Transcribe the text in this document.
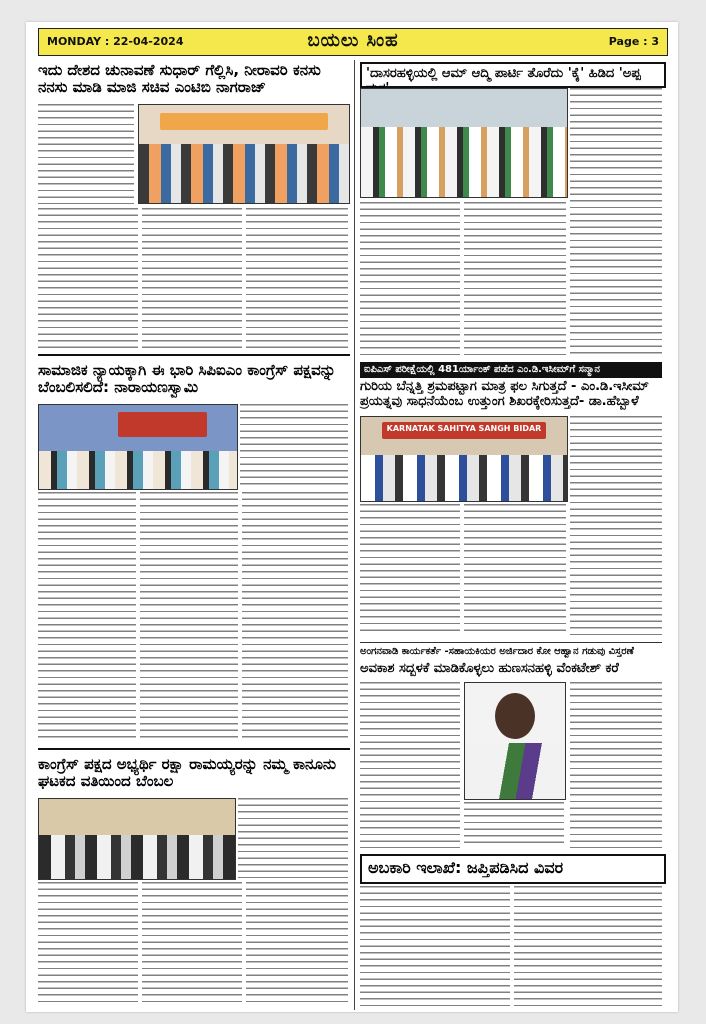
MONDAY : 22-04-2024	ಬಯಲು ಸಿಂಹ	Page : 3
ಇದು ದೇಶದ ಚುನಾವಣೆ ಸುಧಾರ್ ಗೆಲ್ಲಿಸಿ, ನೀರಾವರಿ ಕನಸು ನನಸು ಮಾಡಿ ಮಾಜಿ ಸಚಿವ ಎಂಟಿಬಿ ನಾಗರಾಜ್
ಸಾಮಾಜಿಕ ನ್ಯಾಯಕ್ಕಾಗಿ ಈ ಭಾರಿ ಸಿಪಿಐಎಂ ಕಾಂಗ್ರೆಸ್ ಪಕ್ಷವನ್ನು ಬೆಂಬಲಿಸಲಿದೆ: ನಾರಾಯಣಸ್ವಾಮಿ
ಕಾಂಗ್ರೆಸ್ ಪಕ್ಷದ ಅಭ್ಯರ್ಥಿ ರಕ್ಷಾ ರಾಮಯ್ಯರನ್ನು ನಮ್ಮ ಕಾನೂನು ಘಟಕದ ವತಿಯಿಂದ ಬೆಂಬಲ
'ದಾಸರಹಳ್ಳಿಯಲ್ಲಿ ಆಮ್ ಆದ್ಮಿ ಪಾರ್ಟಿ ತೊರೆದು 'ಕೈ' ಹಿಡಿದ 'ಅಪ್ಪ
ಐಪಿಎಸ್ ಪರೀಕ್ಷೆಯಲ್ಲಿ 481ರ್ಯಾಂಕ್ ಪಡೆದ ಎಂ.ಡಿ.ಇಸೀಮ್‌ಗೆ ಸನ್ಮಾನ
ಗುರಿಯ ಬೆನ್ನತ್ತಿ ಶ್ರಮಪಟ್ಟಾಗ ಮಾತ್ರ ಫಲ ಸಿಗುತ್ತದೆ - ಎಂ.ಡಿ.ಇಸೀಮ್ ಪ್ರಯತ್ನವು ಸಾಧನೆಯೆಂಬ ಉತ್ತುಂಗ ಶಿಖರಕ್ಕೇರಿಸುತ್ತದೆ- ಡಾ.ಹೆಬ್ಬಾಳೆ
KARNATAK SAHITYA SANGH BIDAR
ಅಂಗನವಾಡಿ ಕಾರ್ಯಕರ್ತೆ -ಸಹಾಯಕಿಯರ ಅರ್ಜಿದಾರ ಕೋ ಆಹ್ವಾನ ಗಡುವು ವಿಸ್ತರಣೆ
ಅವಕಾಶ ಸದ್ಬಳಕೆ ಮಾಡಿಕೊಳ್ಳಲು ಹುಣಸನಹಳ್ಳಿ ವೆಂಕಟೇಶ್ ಕರೆ
ಅಬಕಾರಿ ಇಲಾಖೆ: ಜಪ್ತಿಪಡಿಸಿದ ವಿವರ
